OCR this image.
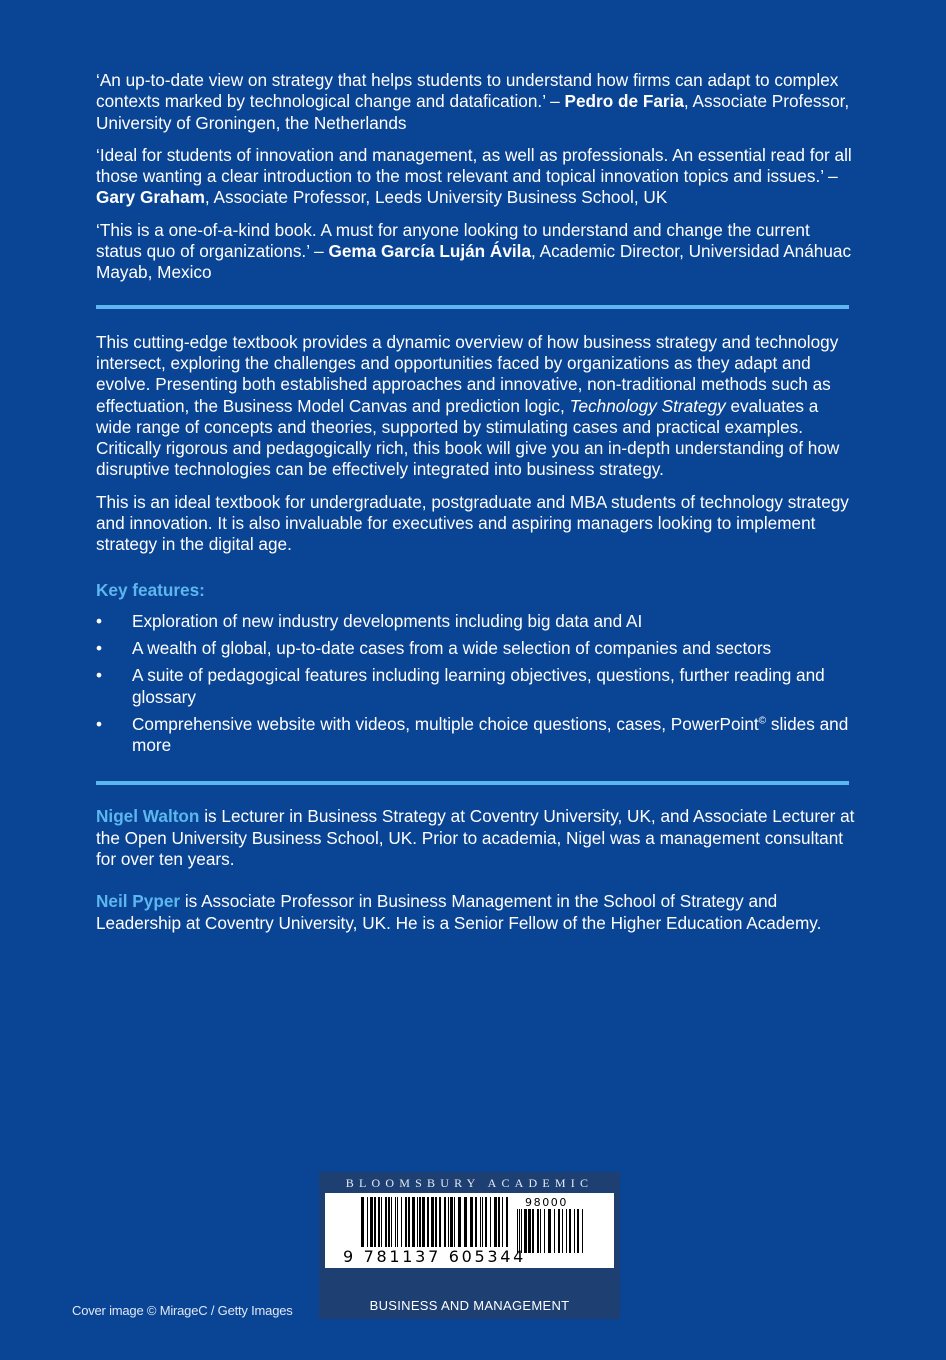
‘An up-to-date view on strategy that helps students to understand how firms can adapt to complex contexts marked by technological change and datafication.’ – Pedro de Faria, Associate Professor, University of Groningen, the Netherlands

‘Ideal for students of innovation and management, as well as professionals. An essential read for all those wanting a clear introduction to the most relevant and topical innovation topics and issues.’ – Gary Graham, Associate Professor, Leeds University Business School, UK

‘This is a one-of-a-kind book. A must for anyone looking to understand and change the current status quo of organizations.’ – Gema García Luján Ávila, Academic Director, Universidad Anáhuac Mayab, Mexico

This cutting-edge textbook provides a dynamic overview of how business strategy and technology intersect, exploring the challenges and opportunities faced by organizations as they adapt and evolve. Presenting both established approaches and innovative, non-traditional methods such as effectuation, the Business Model Canvas and prediction logic, Technology Strategy evaluates a wide range of concepts and theories, supported by stimulating cases and practical examples. Critically rigorous and pedagogically rich, this book will give you an in-depth understanding of how disruptive technologies can be effectively integrated into business strategy.

This is an ideal textbook for undergraduate, postgraduate and MBA students of technology strategy and innovation. It is also invaluable for executives and aspiring managers looking to implement strategy in the digital age.

Key features:
• Exploration of new industry developments including big data and AI
• A wealth of global, up-to-date cases from a wide selection of companies and sectors
• A suite of pedagogical features including learning objectives, questions, further reading and glossary
• Comprehensive website with videos, multiple choice questions, cases, PowerPoint© slides and more

Nigel Walton is Lecturer in Business Strategy at Coventry University, UK, and Associate Lecturer at the Open University Business School, UK. Prior to academia, Nigel was a management consultant for over ten years.

Neil Pyper is Associate Professor in Business Management in the School of Strategy and Leadership at Coventry University, UK. He is a Senior Fellow of the Higher Education Academy.

Cover image © MirageC / Getty Images
BLOOMSBURY ACADEMIC
9 781137 605344
98000
BUSINESS AND MANAGEMENT
